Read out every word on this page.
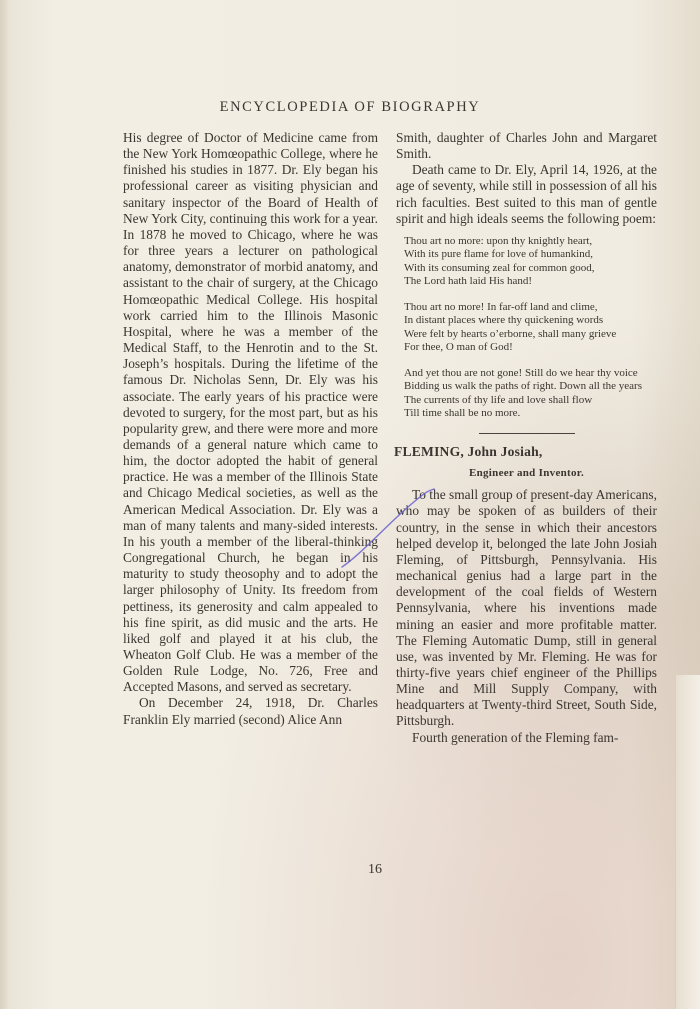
ENCYCLOPEDIA OF BIOGRAPHY

His degree of Doctor of Medicine came from the New York Homœopathic College, where he finished his studies in 1877. Dr. Ely began his professional career as visiting physician and sanitary inspector of the Board of Health of New York City, continuing this work for a year. In 1878 he moved to Chicago, where he was for three years a lecturer on pathological anatomy, demonstrator of morbid anatomy, and assistant to the chair of surgery, at the Chicago Homœopathic Medical College. His hospital work carried him to the Illinois Masonic Hospital, where he was a member of the Medical Staff, to the Henrotin and to the St. Joseph’s hospitals. During the lifetime of the famous Dr. Nicholas Senn, Dr. Ely was his associate. The early years of his practice were devoted to surgery, for the most part, but as his popularity grew, and there were more and more demands of a general nature which came to him, the doctor adopted the habit of general practice. He was a member of the Illinois State and Chicago Medical societies, as well as the American Medical Association. Dr. Ely was a man of many talents and many-sided interests. In his youth a member of the liberal-thinking Congregational Church, he began in his maturity to study theosophy and to adopt the larger philosophy of Unity. Its freedom from pettiness, its generosity and calm appealed to his fine spirit, as did music and the arts. He liked golf and played it at his club, the Wheaton Golf Club. He was a member of the Golden Rule Lodge, No. 726, Free and Accepted Masons, and served as secretary.

On December 24, 1918, Dr. Charles Franklin Ely married (second) Alice Ann

Smith, daughter of Charles John and Margaret Smith.

Death came to Dr. Ely, April 14, 1926, at the age of seventy, while still in possession of all his rich faculties. Best suited to this man of gentle spirit and high ideals seems the following poem:

Thou art no more: upon thy knightly heart,
With its pure flame for love of humankind,
With its consuming zeal for common good,
The Lord hath laid His hand!
Thou art no more! In far-off land and clime,
In distant places where thy quickening words
Were felt by hearts o’erborne, shall many grieve
For thee, O man of God!
And yet thou are not gone! Still do we hear thy voice
Bidding us walk the paths of right. Down all the years
The currents of thy life and love shall flow
Till time shall be no more.
FLEMING, John Josiah,
Engineer and Inventor.

To the small group of present-day Americans, who may be spoken of as builders of their country, in the sense in which their ancestors helped develop it, belonged the late John Josiah Fleming, of Pittsburgh, Pennsylvania. His mechanical genius had a large part in the development of the coal fields of Western Pennsylvania, where his inventions made mining an easier and more profitable matter. The Fleming Automatic Dump, still in general use, was invented by Mr. Fleming. He was for thirty-five years chief engineer of the Phillips Mine and Mill Supply Company, with headquarters at Twenty-third Street, South Side, Pittsburgh.

Fourth generation of the Fleming fam-

16
